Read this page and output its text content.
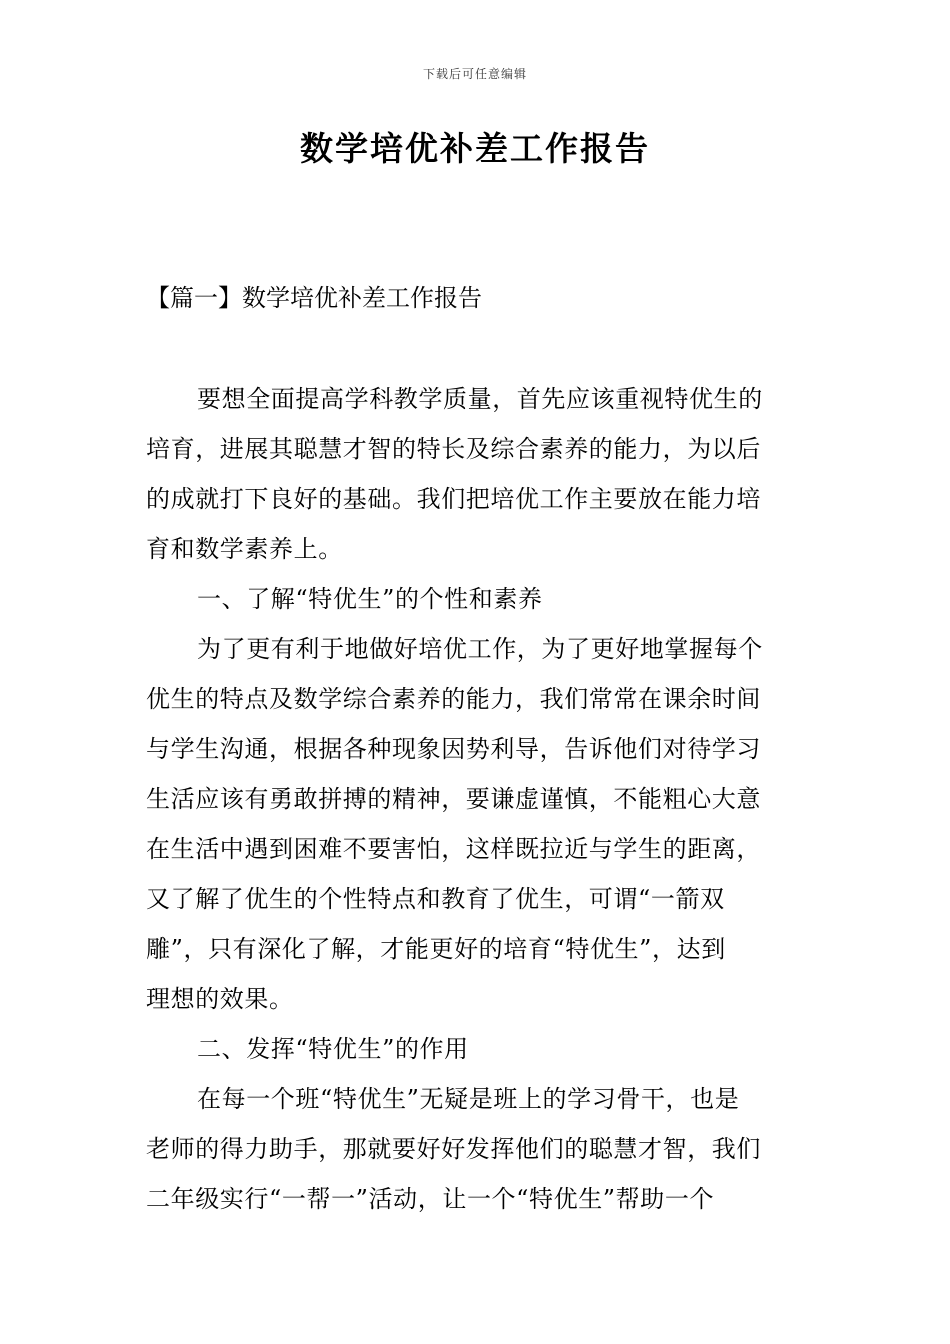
下载后可任意编辑
数学培优补差工作报告
【篇一】数学培优补差工作报告
要想全面提高学科教学质量，首先应该重视特优生的
培育，进展其聪慧才智的特长及综合素养的能力，为以后
的成就打下良好的基础。我们把培优工作主要放在能力培
育和数学素养上。
一、了解“特优生”的个性和素养
为了更有利于地做好培优工作，为了更好地掌握每个
优生的特点及数学综合素养的能力，我们常常在课余时间
与学生沟通，根据各种现象因势利导，告诉他们对待学习
生活应该有勇敢拼搏的精神，要谦虚谨慎，不能粗心大意
在生活中遇到困难不要害怕，这样既拉近与学生的距离，
又了解了优生的个性特点和教育了优生，可谓“一箭双
雕”，只有深化了解，才能更好的培育“特优生”，达到
理想的效果。
二、发挥“特优生”的作用
在每一个班“特优生”无疑是班上的学习骨干，也是
老师的得力助手，那就要好好发挥他们的聪慧才智，我们
二年级实行“一帮一”活动，让一个“特优生”帮助一个
